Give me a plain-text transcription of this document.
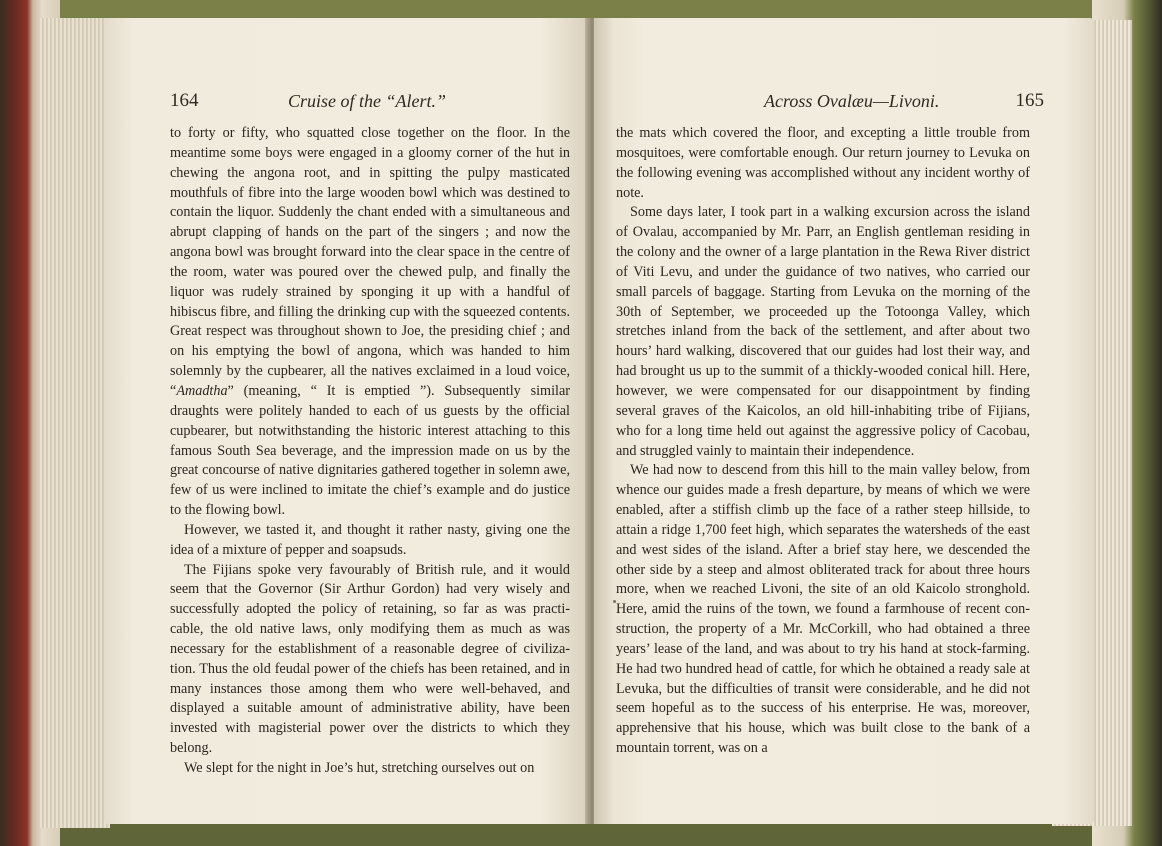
164	Cruise of the “Alert.”

to forty or fifty, who squatted close together on the floor. In the meantime some boys were engaged in a gloomy corner of the hut in chewing the angona root, and in spitting the pulpy masticated mouthfuls of fibre into the large wooden bowl which was destined to contain the liquor. Suddenly the chant ended with a simultaneous and abrupt clapping of hands on the part of the singers ; and now the angona bowl was brought forward into the clear space in the centre of the room, water was poured over the chewed pulp, and finally the liquor was rudely strained by sponging it up with a handful of hibiscus fibre, and filling the drinking cup with the squeezed contents. Great respect was throughout shown to Joe, the presiding chief ; and on his emptying the bowl of angona, which was handed to him solemnly by the cupbearer, all the natives exclaimed in a loud voice, “Amadtha” (meaning, “ It is emptied ”). Subsequently similar draughts were politely handed to each of us guests by the official cupbearer, but notwithstanding the historic interest attaching to this famous South Sea beverage, and the impression made on us by the great concourse of native dignitaries gathered together in solemn awe, few of us were inclined to imitate the chief’s example and do justice to the flowing bowl.

However, we tasted it, and thought it rather nasty, giving one the idea of a mixture of pepper and soapsuds.

The Fijians spoke very favourably of British rule, and it would seem that the Governor (Sir Arthur Gordon) had very wisely and successfully adopted the policy of retaining, so far as was practi- cable, the old native laws, only modifying them as much as was necessary for the establishment of a reasonable degree of civiliza- tion. Thus the old feudal power of the chiefs has been retained, and in many instances those among them who were well-behaved, and displayed a suitable amount of administrative ability, have been invested with magisterial power over the districts to which they belong.

We slept for the night in Joe’s hut, stretching ourselves out on

Across Ovalæu—Livoni.	165

the mats which covered the floor, and excepting a little trouble from mosquitoes, were comfortable enough. Our return journey to Levuka on the following evening was accomplished without any incident worthy of note.

Some days later, I took part in a walking excursion across the island of Ovalau, accompanied by Mr. Parr, an English gentleman residing in the colony and the owner of a large plantation in the Rewa River district of Viti Levu, and under the guidance of two natives, who carried our small parcels of baggage. Starting from Levuka on the morning of the 30th of September, we proceeded up the Totoonga Valley, which stretches inland from the back of the settlement, and after about two hours’ hard walking, discovered that our guides had lost their way, and had brought us up to the summit of a thickly-wooded conical hill. Here, however, we were compensated for our disappointment by finding several graves of the Kaicolos, an old hill-inhabiting tribe of Fijians, who for a long time held out against the aggressive policy of Cacobau, and struggled vainly to maintain their independence.

We had now to descend from this hill to the main valley below, from whence our guides made a fresh departure, by means of which we were enabled, after a stiffish climb up the face of a rather steep hillside, to attain a ridge 1,700 feet high, which separates the watersheds of the east and west sides of the island. After a brief stay here, we descended the other side by a steep and almost obliterated track for about three hours more, when we reached Livoni, the site of an old Kaicolo stronghold. Here, amid the ruins of the town, we found a farmhouse of recent con- struction, the property of a Mr. McCorkill, who had obtained a three years’ lease of the land, and was about to try his hand at stock-farming. He had two hundred head of cattle, for which he obtained a ready sale at Levuka, but the difficulties of transit were considerable, and he did not seem hopeful as to the success of his enterprise. He was, moreover, apprehensive that his house, which was built close to the bank of a mountain torrent, was on a
